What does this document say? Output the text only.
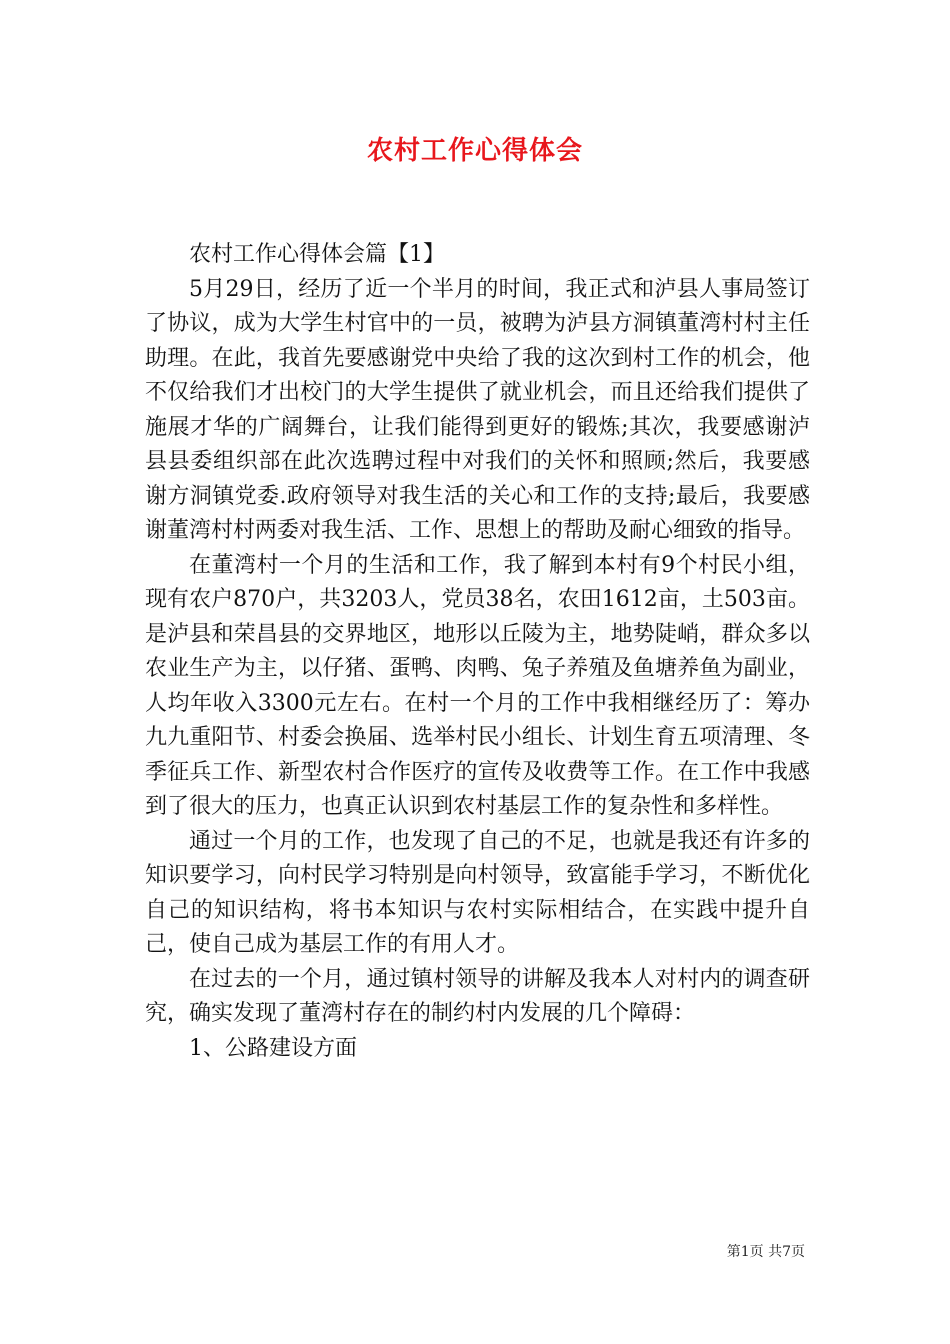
农村工作心得体会

农村工作心得体会篇【1】

5月29日，经历了近一个半月的时间，我正式和泸县人事局签订了协议，成为大学生村官中的一员，被聘为泸县方洞镇董湾村村主任助理。在此，我首先要感谢党中央给了我的这次到村工作的机会，他不仅给我们才出校门的大学生提供了就业机会，而且还给我们提供了施展才华的广阔舞台，让我们能得到更好的锻炼;其次，我要感谢泸县县委组织部在此次选聘过程中对我们的关怀和照顾;然后，我要感谢方洞镇党委.政府领导对我生活的关心和工作的支持;最后，我要感谢董湾村村两委对我生活、工作、思想上的帮助及耐心细致的指导。

在董湾村一个月的生活和工作，我了解到本村有9个村民小组，现有农户870户，共3203人，党员38名，农田1612亩，土503亩。是泸县和荣昌县的交界地区，地形以丘陵为主，地势陡峭，群众多以农业生产为主，以仔猪、蛋鸭、肉鸭、兔子养殖及鱼塘养鱼为副业，人均年收入3300元左右。在村一个月的工作中我相继经历了：筹办九九重阳节、村委会换届、选举村民小组长、计划生育五项清理、冬季征兵工作、新型农村合作医疗的宣传及收费等工作。在工作中我感到了很大的压力，也真正认识到农村基层工作的复杂性和多样性。

通过一个月的工作，也发现了自己的不足，也就是我还有许多的知识要学习，向村民学习特别是向村领导，致富能手学习，不断优化自己的知识结构，将书本知识与农村实际相结合，在实践中提升自己，使自己成为基层工作的有用人才。

在过去的一个月，通过镇村领导的讲解及我本人对村内的调查研究，确实发现了董湾村存在的制约村内发展的几个障碍：

1、公路建设方面

第1页 共7页
